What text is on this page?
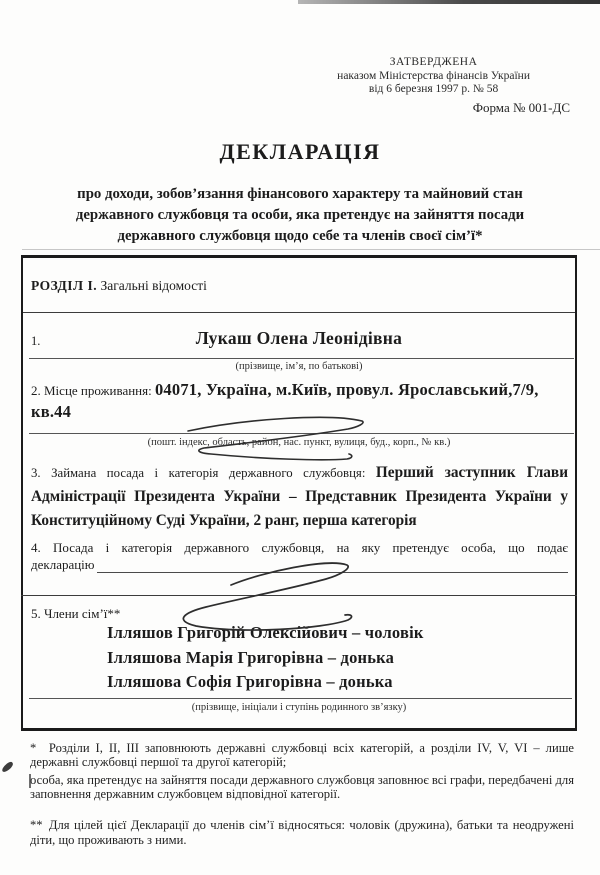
ЗАТВЕРДЖЕНА
наказом Міністерства фінансів України
від 6 березня 1997 р. № 58
Форма № 001-ДС
ДЕКЛАРАЦІЯ
про доходи, зобов’язання фінансового характеру та майновий стан
державного службовця та особи, яка претендує на зайняття посади
державного службовця щодо себе та членів своєї сім’ї*
РОЗДІЛ І. Загальні відомості
1.	Лукаш Олена Леонідівна
(прізвище, ім’я, по батькові)
2. Місце проживання: 04071, Україна, м.Київ, провул. Ярославський,7/9, кв.44
(пошт. індекс, область, район, нас. пункт, вулиця, буд., корп., № кв.)
3. Займана посада і категорія державного службовця: Перший заступник Глави Адміністрації Президента України – Представник Президента України у Конституційному Суді України, 2 ранг, перша категорія
4. Посада і категорія державного службовця, на яку претендує особа, що подає
декларацію
5. Члени сім’ї**
Ілляшов Григорій Олексійович – чоловік
Ілляшова Марія Григорівна – донька
Ілляшова Софія Григорівна – донька
(прізвище, ініціали і ступінь родинного зв’язку)

* Розділи І, ІІ, ІІІ заповнюють державні службовці всіх категорій, а розділи ІV, V, VІ – лише державні службовці першої та другої категорій;

особа, яка претендує на зайняття посади державного службовця заповнює всі графи, передбачені для заповнення державним службовцем відповідної категорії.

** Для цілей цієї Декларації до членів сім’ї відносяться: чоловік (дружина), батьки та неодружені діти, що проживають з ними.
